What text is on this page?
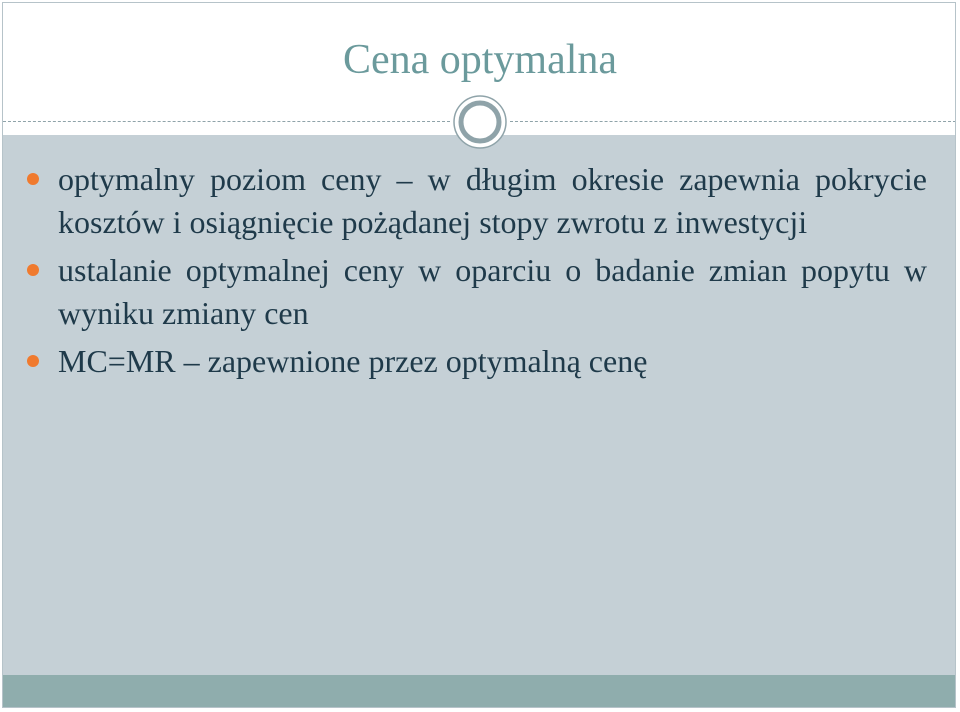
Cena optymalna
optymalny poziom ceny – w długim okresie zapewnia pokrycie kosztów i osiągnięcie pożądanej stopy zwrotu z inwestycji
ustalanie optymalnej ceny w oparciu o badanie zmian popytu w wyniku zmiany cen
MC=MR – zapewnione przez optymalną cenę
